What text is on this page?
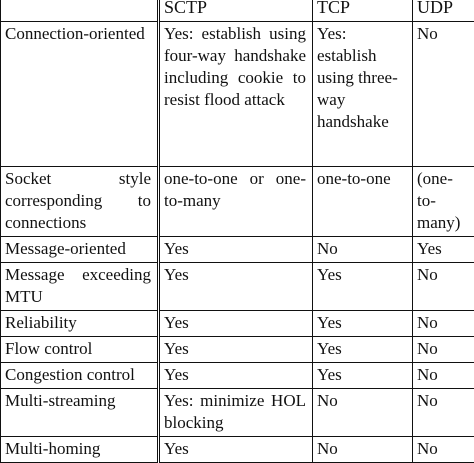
	SCTP	TCP	UDP
Connection-oriented	Yes: establish using four-way handshake including cookie to resist flood attack	Yes: establish using three-way handshake	No
Socket style corresponding to connections	one-to-one or one-to-many	one-to-one	(one-to-many)
Message-oriented	Yes	No	Yes
Message exceeding MTU	Yes	Yes	No
Reliability	Yes	Yes	No
Flow control	Yes	Yes	No
Congestion control	Yes	Yes	No
Multi-streaming	Yes: minimize HOL blocking	No	No
Multi-homing	Yes	No	No
